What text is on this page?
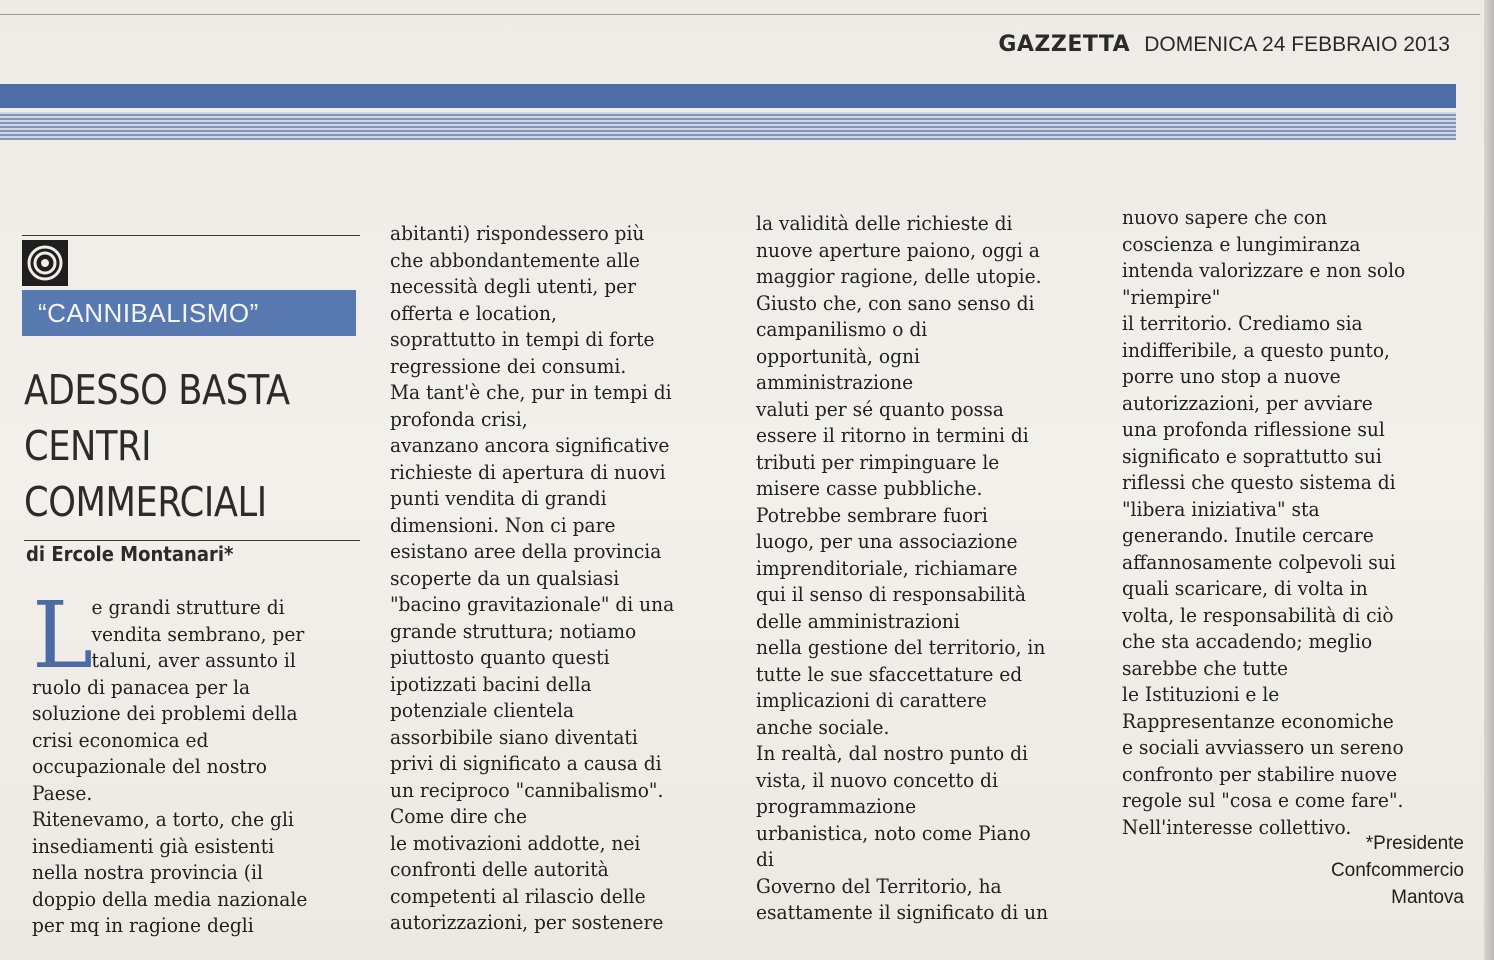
GAZZETTA DOMENICA 24 FEBBRAIO 2013
“CANNIBALISMO”
ADESSO BASTA
CENTRI
COMMERCIALI
di Ercole Montanari*
L
e grandi strutture di
vendita sembrano, per
taluni, aver assunto il
ruolo di panacea per la
soluzione dei problemi della
crisi economica ed
occupazionale del nostro
Paese.
Ritenevamo, a torto, che gli
insediamenti già esistenti
nella nostra provincia (il
doppio della media nazionale
per mq in ragione degli
abitanti) rispondessero più
che abbondantemente alle
necessità degli utenti, per
offerta e location,
soprattutto in tempi di forte
regressione dei consumi.
Ma tant'è che, pur in tempi di
profonda crisi,
avanzano ancora significative
richieste di apertura di nuovi
punti vendita di grandi
dimensioni. Non ci pare
esistano aree della provincia
scoperte da un qualsiasi
"bacino gravitazionale" di una
grande struttura; notiamo
piuttosto quanto questi
ipotizzati bacini della
potenziale clientela
assorbibile siano diventati
privi di significato a causa di
un reciproco "cannibalismo".
Come dire che
le motivazioni addotte, nei
confronti delle autorità
competenti al rilascio delle
autorizzazioni, per sostenere
la validità delle richieste di
nuove aperture paiono, oggi a
maggior ragione, delle utopie.
Giusto che, con sano senso di
campanilismo o di
opportunità, ogni
amministrazione
valuti per sé quanto possa
essere il ritorno in termini di
tributi per rimpinguare le
misere casse pubbliche.
Potrebbe sembrare fuori
luogo, per una associazione
imprenditoriale, richiamare
qui il senso di responsabilità
delle amministrazioni
nella gestione del territorio, in
tutte le sue sfaccettature ed
implicazioni di carattere
anche sociale.
In realtà, dal nostro punto di
vista, il nuovo concetto di
programmazione
urbanistica, noto come Piano
di
Governo del Territorio, ha
esattamente il significato di un
nuovo sapere che con
coscienza e lungimiranza
intenda valorizzare e non solo
"riempire"
il territorio. Crediamo sia
indifferibile, a questo punto,
porre uno stop a nuove
autorizzazioni, per avviare
una profonda riflessione sul
significato e soprattutto sui
riflessi che questo sistema di
"libera iniziativa" sta
generando. Inutile cercare
affannosamente colpevoli sui
quali scaricare, di volta in
volta, le responsabilità di ciò
che sta accadendo; meglio
sarebbe che tutte
le Istituzioni e le
Rappresentanze economiche
e sociali avviassero un sereno
confronto per stabilire nuove
regole sul "cosa e come fare".
Nell'interesse collettivo.
*Presidente
Confcommercio
Mantova
